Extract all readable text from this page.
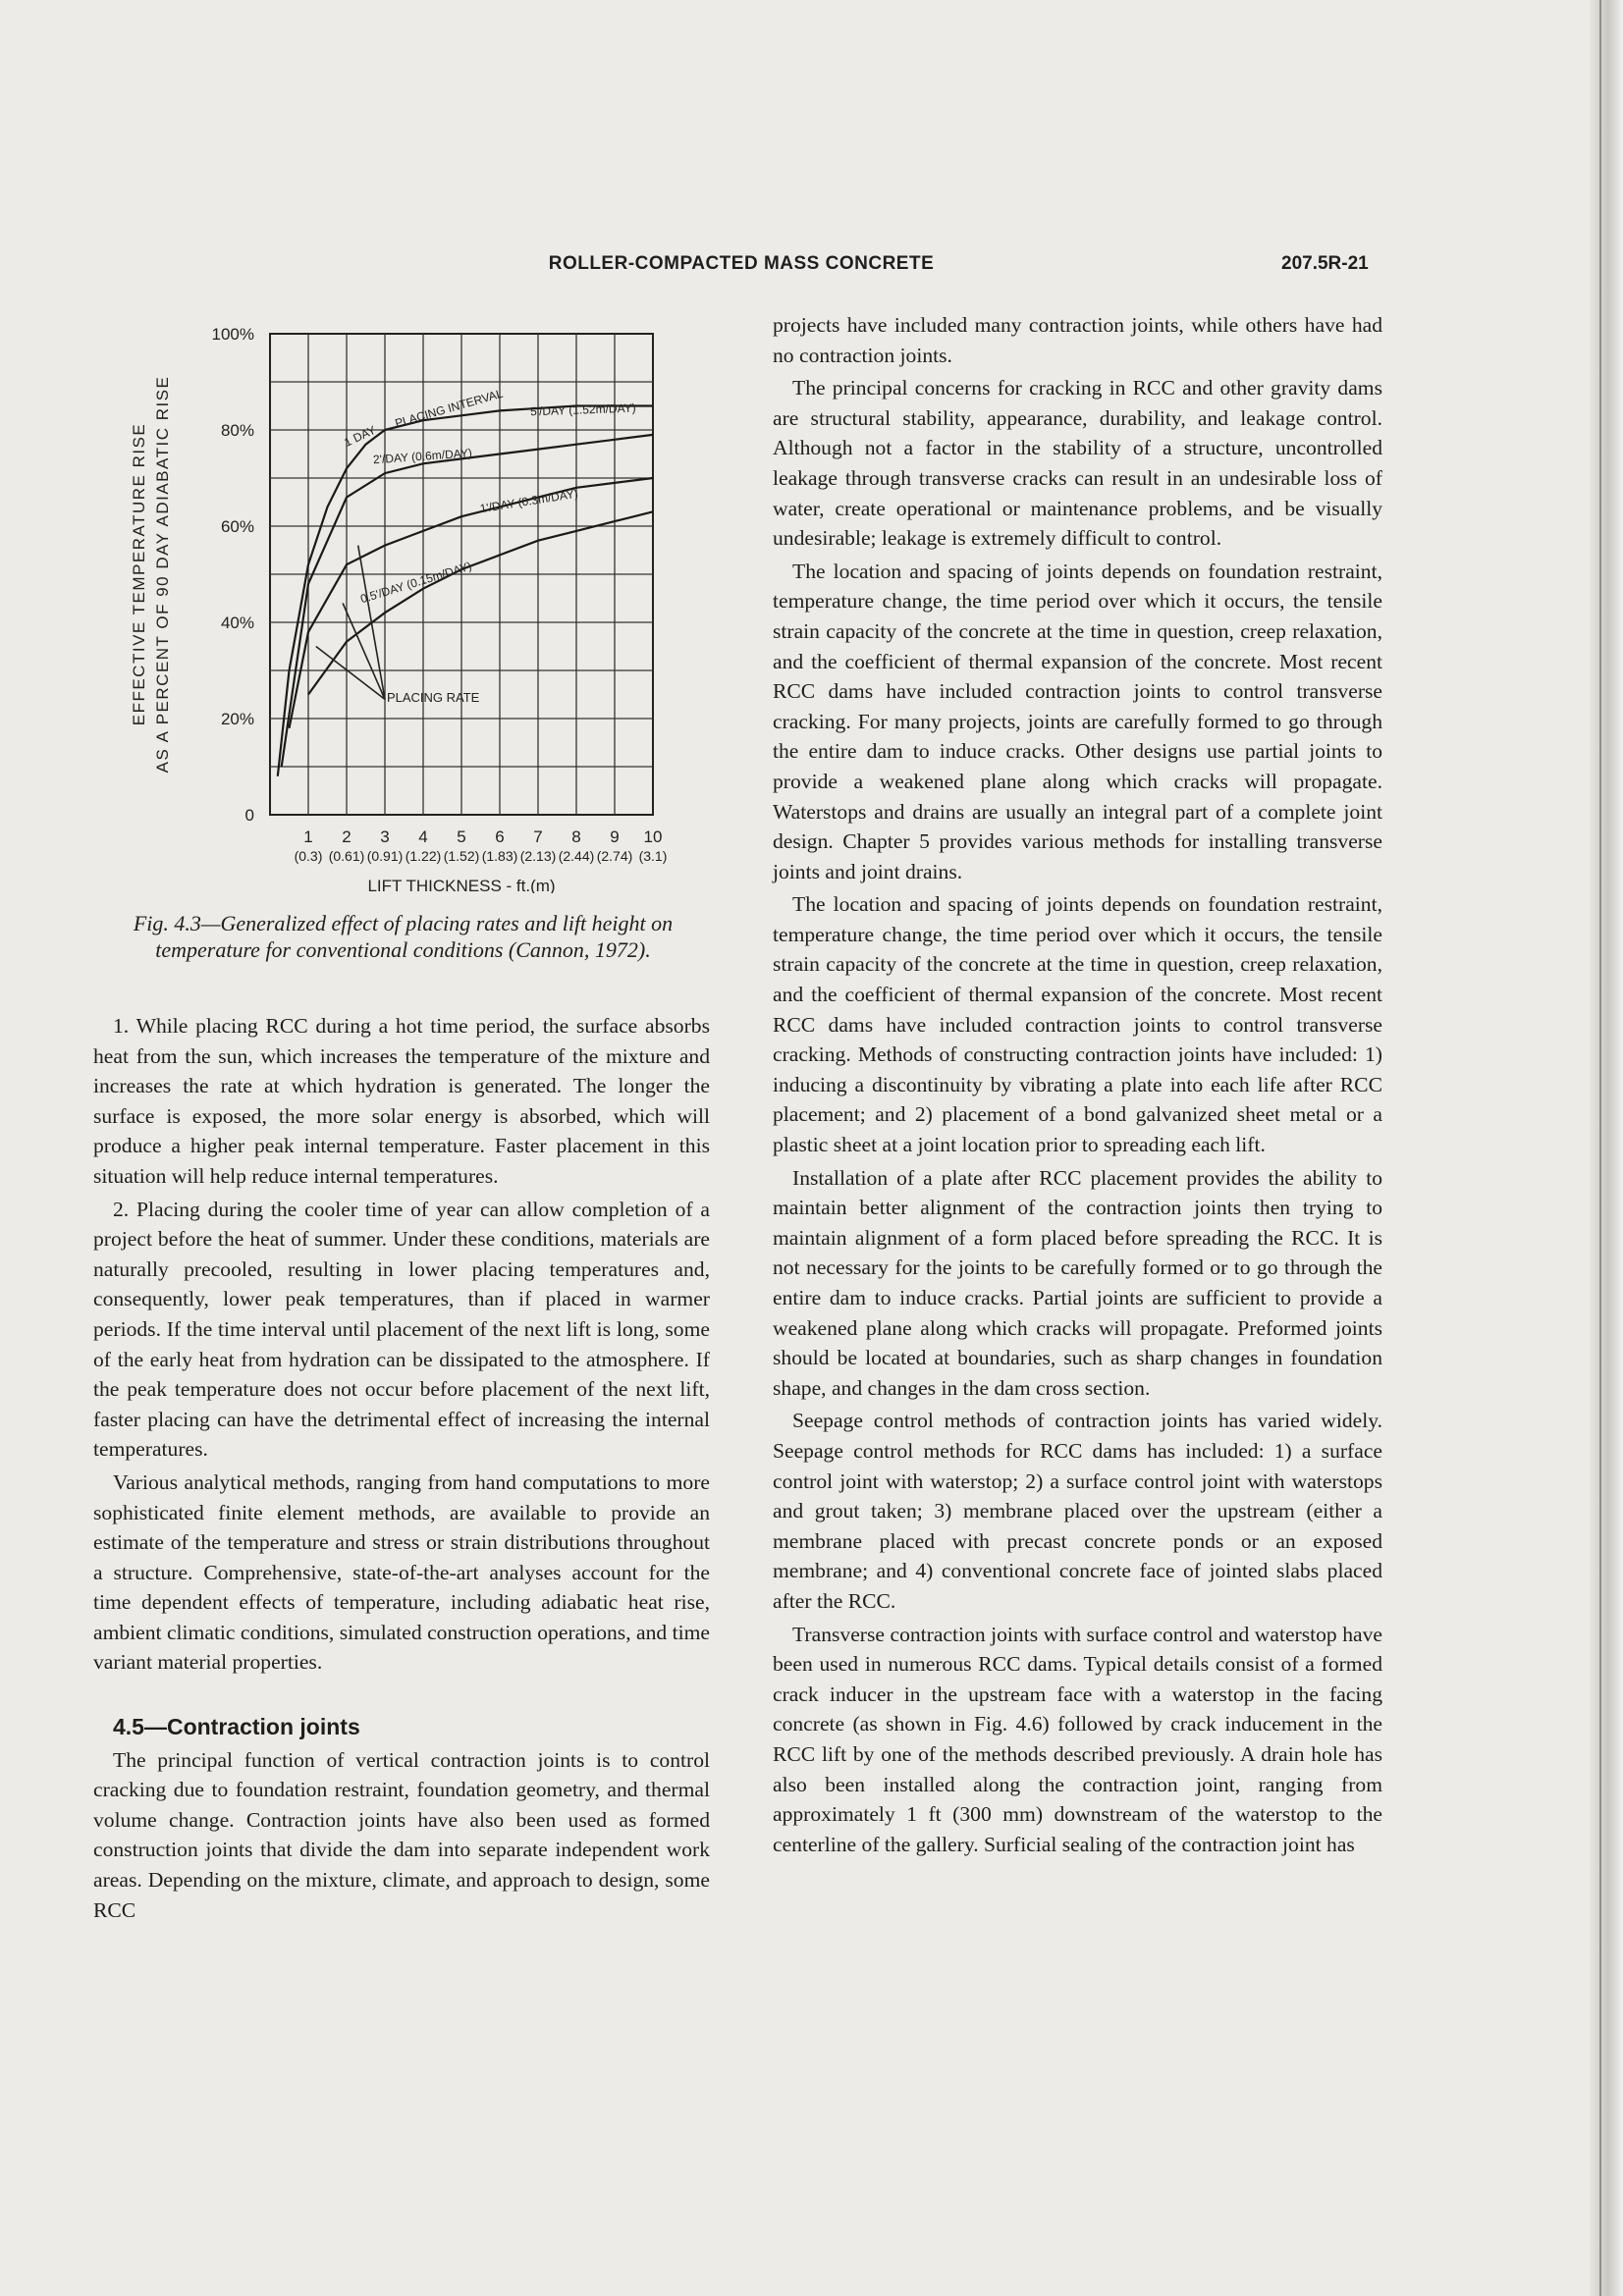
ROLLER-COMPACTED MASS CONCRETE	207.5R-21
0
20%
40%
60%
80%
100%
1
(0.3)
2
(0.61)
3
(0.91)
4
(1.22)
5
(1.52)
6
(1.83)
7
(2.13)
8
(2.44)
9
(2.74)
10
(3.1)
EFFECTIVE TEMPERATURE RISE AS A PERCENT OF 90 DAY ADIABATIC RISE
LIFT THICKNESS - ft.(m)
PLACING INTERVAL
PLACING RATE
1 DAY
5'/DAY (1.52m/DAY)
2'/DAY (0.6m/DAY)
1'/DAY (0.3m/DAY)
0.5'/DAY (0.15m/DAY)
Fig. 4.3—Generalized effect of placing rates and lift height on temperature for conventional conditions (Cannon, 1972).

1. While placing RCC during a hot time period, the surface absorbs heat from the sun, which increases the temperature of the mixture and increases the rate at which hydration is generated. The longer the surface is exposed, the more solar energy is absorbed, which will produce a higher peak internal temperature. Faster placement in this situation will help reduce internal temperatures.

2. Placing during the cooler time of year can allow completion of a project before the heat of summer. Under these conditions, materials are naturally precooled, resulting in lower placing temperatures and, consequently, lower peak temperatures, than if placed in warmer periods. If the time interval until placement of the next lift is long, some of the early heat from hydration can be dissipated to the atmosphere. If the peak temperature does not occur before placement of the next lift, faster placing can have the detrimental effect of increasing the internal temperatures.

Various analytical methods, ranging from hand computations to more sophisticated finite element methods, are available to provide an estimate of the temperature and stress or strain distributions throughout a structure. Comprehensive, state-of-the-art analyses account for the time dependent effects of temperature, including adiabatic heat rise, ambient climatic conditions, simulated construction operations, and time variant material properties.

4.5—Contraction joints

The principal function of vertical contraction joints is to control cracking due to foundation restraint, foundation geometry, and thermal volume change. Contraction joints have also been used as formed construction joints that divide the dam into separate independent work areas. Depending on the mixture, climate, and approach to design, some RCC

projects have included many contraction joints, while others have had no contraction joints.

The principal concerns for cracking in RCC and other gravity dams are structural stability, appearance, durability, and leakage control. Although not a factor in the stability of a structure, uncontrolled leakage through transverse cracks can result in an undesirable loss of water, create operational or maintenance problems, and be visually undesirable; leakage is extremely difficult to control.

The location and spacing of joints depends on foundation restraint, temperature change, the time period over which it occurs, the tensile strain capacity of the concrete at the time in question, creep relaxation, and the coefficient of thermal expansion of the concrete. Most recent RCC dams have included contraction joints to control transverse cracking. For many projects, joints are carefully formed to go through the entire dam to induce cracks. Other designs use partial joints to provide a weakened plane along which cracks will propagate. Waterstops and drains are usually an integral part of a complete joint design. Chapter 5 provides various methods for installing transverse joints and joint drains.

The location and spacing of joints depends on foundation restraint, temperature change, the time period over which it occurs, the tensile strain capacity of the concrete at the time in question, creep relaxation, and the coefficient of thermal expansion of the concrete. Most recent RCC dams have included contraction joints to control transverse cracking. Methods of constructing contraction joints have included: 1) inducing a discontinuity by vibrating a plate into each life after RCC placement; and 2) placement of a bond galvanized sheet metal or a plastic sheet at a joint location prior to spreading each lift.

Installation of a plate after RCC placement provides the ability to maintain better alignment of the contraction joints then trying to maintain alignment of a form placed before spreading the RCC. It is not necessary for the joints to be carefully formed or to go through the entire dam to induce cracks. Partial joints are sufficient to provide a weakened plane along which cracks will propagate. Preformed joints should be located at boundaries, such as sharp changes in foundation shape, and changes in the dam cross section.

Seepage control methods of contraction joints has varied widely. Seepage control methods for RCC dams has included: 1) a surface control joint with waterstop; 2) a surface control joint with waterstops and grout taken; 3) membrane placed over the upstream (either a membrane placed with precast concrete ponds or an exposed membrane; and 4) conventional concrete face of jointed slabs placed after the RCC.

Transverse contraction joints with surface control and waterstop have been used in numerous RCC dams. Typical details consist of a formed crack inducer in the upstream face with a waterstop in the facing concrete (as shown in Fig. 4.6) followed by crack inducement in the RCC lift by one of the methods described previously. A drain hole has also been installed along the contraction joint, ranging from approximately 1 ft (300 mm) downstream of the waterstop to the centerline of the gallery. Surficial sealing of the contraction joint has
